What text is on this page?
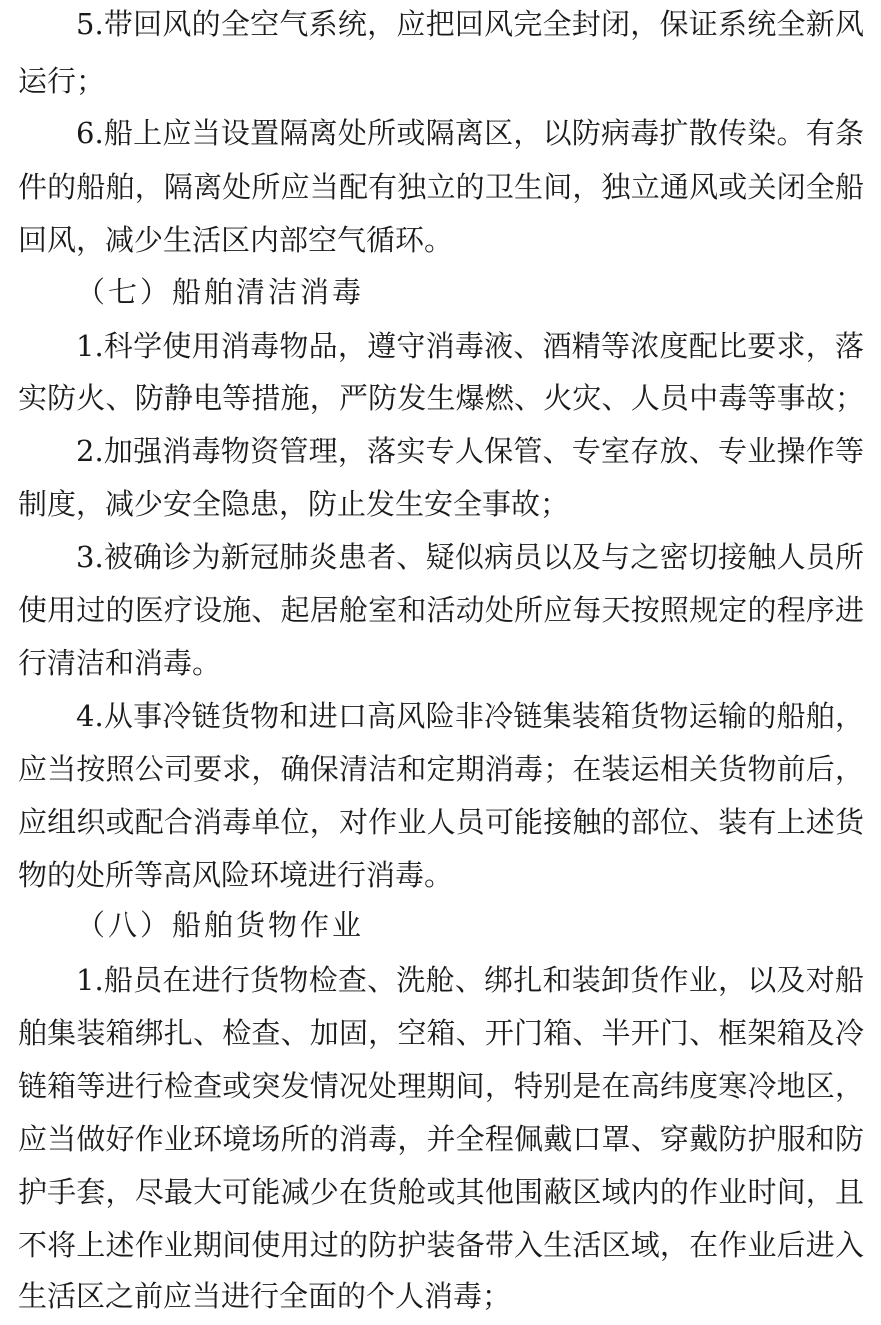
5.带回风的全空气系统，应把回风完全封闭，保证系统全新风
运行；
6.船上应当设置隔离处所或隔离区，以防病毒扩散传染。有条
件的船舶，隔离处所应当配有独立的卫生间，独立通风或关闭全船
回风，减少生活区内部空气循环。
（七）船舶清洁消毒
1.科学使用消毒物品，遵守消毒液、酒精等浓度配比要求，落
实防火、防静电等措施，严防发生爆燃、火灾、人员中毒等事故；
2.加强消毒物资管理，落实专人保管、专室存放、专业操作等
制度，减少安全隐患，防止发生安全事故；
3.被确诊为新冠肺炎患者、疑似病员以及与之密切接触人员所
使用过的医疗设施、起居舱室和活动处所应每天按照规定的程序进
行清洁和消毒。
4.从事冷链货物和进口高风险非冷链集装箱货物运输的船舶，
应当按照公司要求，确保清洁和定期消毒；在装运相关货物前后，
应组织或配合消毒单位，对作业人员可能接触的部位、装有上述货
物的处所等高风险环境进行消毒。
（八）船舶货物作业
1.船员在进行货物检查、洗舱、绑扎和装卸货作业，以及对船
舶集装箱绑扎、检查、加固，空箱、开门箱、半开门、框架箱及冷
链箱等进行检查或突发情况处理期间，特别是在高纬度寒冷地区，
应当做好作业环境场所的消毒，并全程佩戴口罩、穿戴防护服和防
护手套，尽最大可能减少在货舱或其他围蔽区域内的作业时间，且
不将上述作业期间使用过的防护装备带入生活区域，在作业后进入
生活区之前应当进行全面的个人消毒；
